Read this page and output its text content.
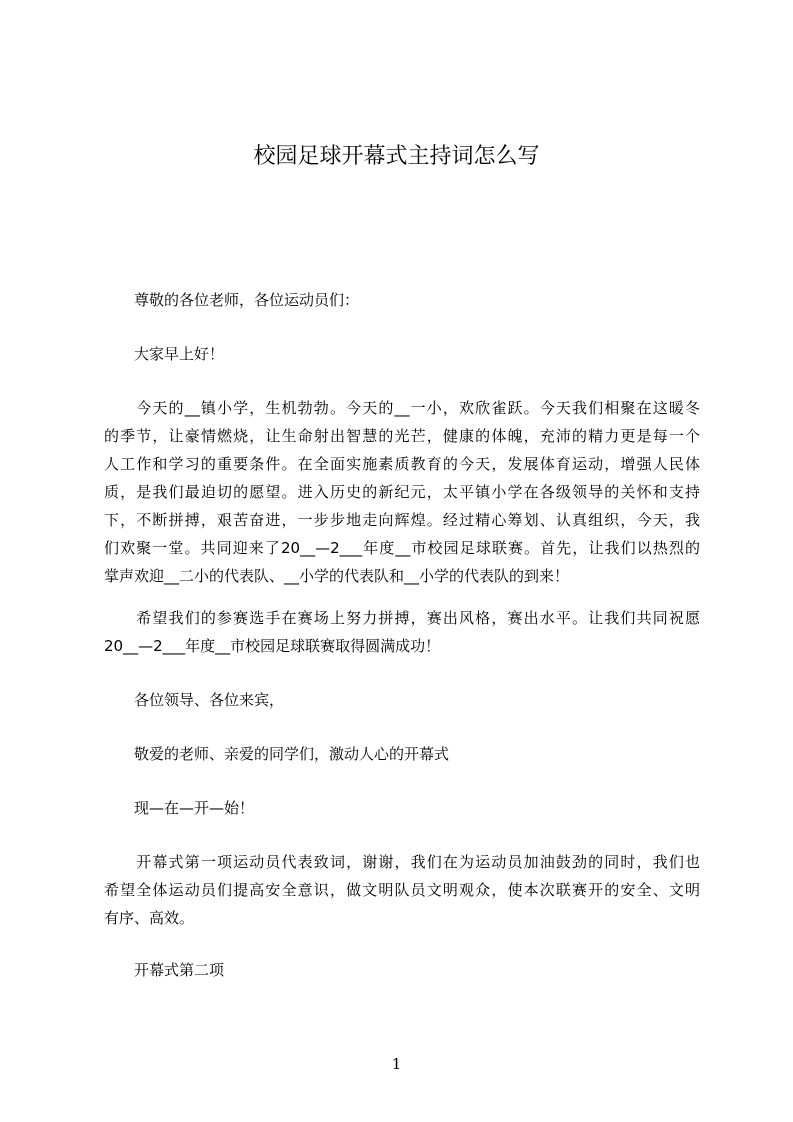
校园足球开幕式主持词怎么写
　　尊敬的各位老师，各位运动员们：
　　大家早上好！
　　今天的__镇小学，生机勃勃。今天的__一小，欢欣雀跃。今天我们相聚在这暖冬
的季节，让豪情燃烧，让生命射出智慧的光芒，健康的体魄，充沛的精力更是每一个
人工作和学习的重要条件。在全面实施素质教育的今天，发展体育运动，增强人民体
质，是我们最迫切的愿望。进入历史的新纪元，太平镇小学在各级领导的关怀和支持
下，不断拼搏，艰苦奋进，一步步地走向辉煌。经过精心筹划、认真组织，今天，我
们欢聚一堂。共同迎来了20__—2___年度__市校园足球联赛。首先，让我们以热烈的
掌声欢迎__二小的代表队、__小学的代表队和__小学的代表队的到来！
　　希望我们的参赛选手在赛场上努力拼搏，赛出风格，赛出水平。让我们共同祝愿
20__—2___年度__市校园足球联赛取得圆满成功！
　　各位领导、各位来宾，
　　敬爱的老师、亲爱的同学们，激动人心的开幕式
　　现—在—开—始！
　　开幕式第一项运动员代表致词，谢谢，我们在为运动员加油鼓劲的同时，我们也
希望全体运动员们提高安全意识，做文明队员文明观众，使本次联赛开的安全、文明
有序、高效。
　　开幕式第二项
1
